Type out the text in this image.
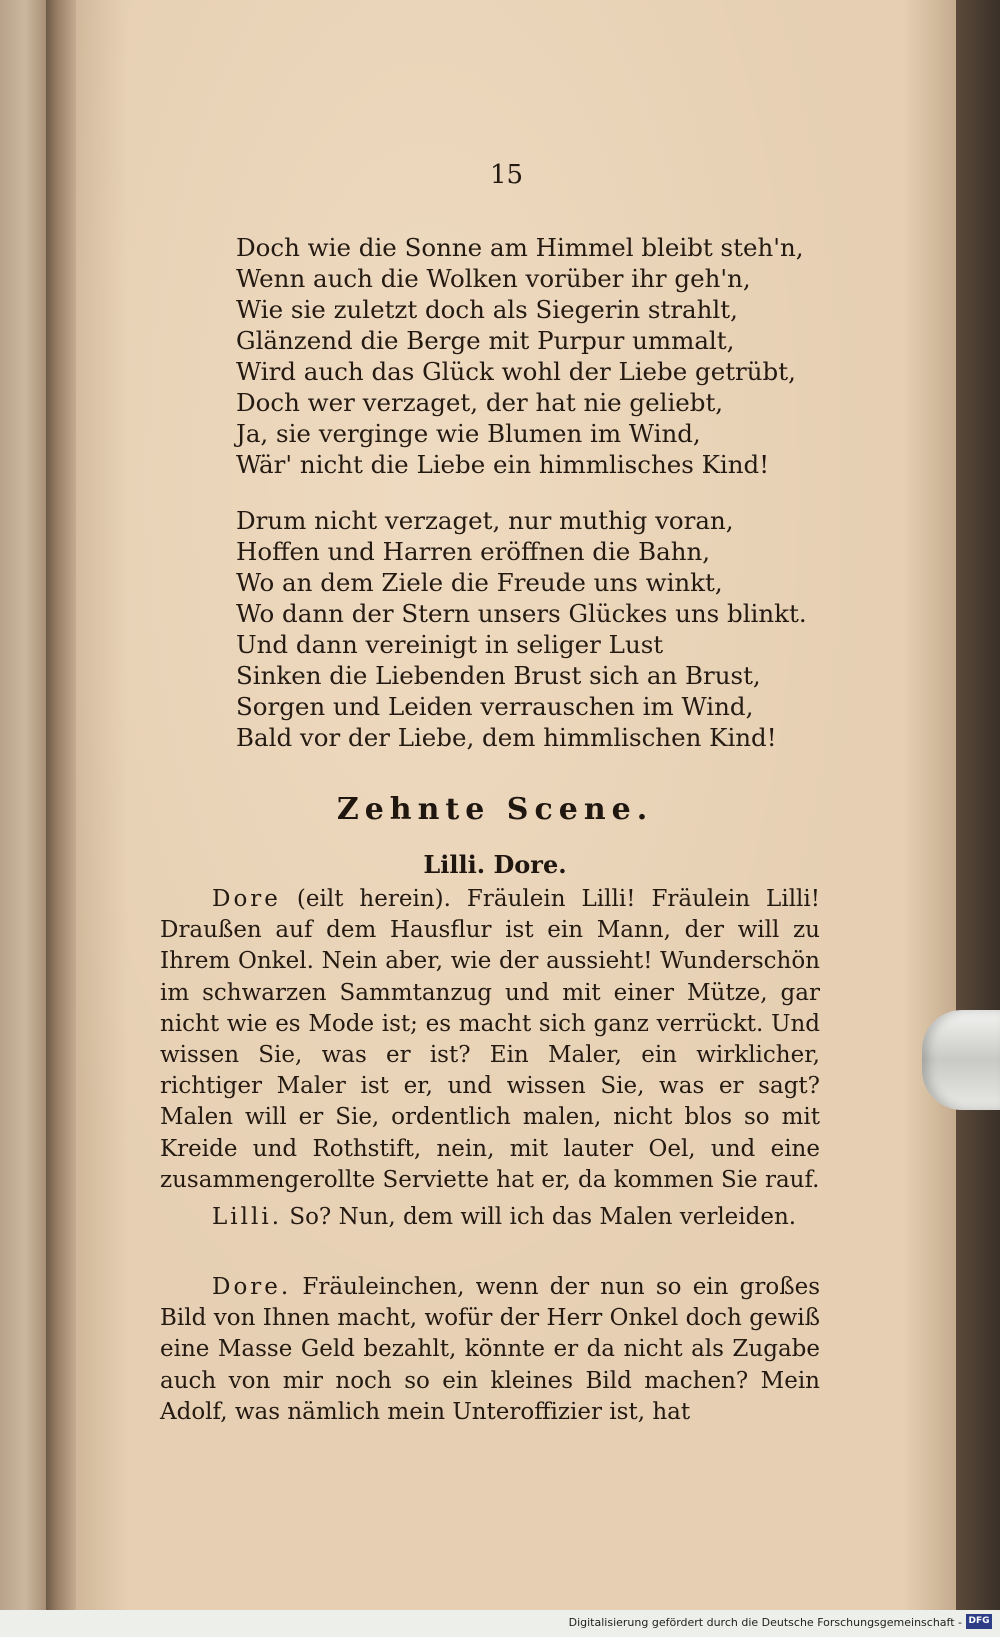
15
Doch wie die Sonne am Himmel bleibt steh'n,
Wenn auch die Wolken vorüber ihr geh'n,
Wie sie zuletzt doch als Siegerin strahlt,
Glänzend die Berge mit Purpur ummalt,
Wird auch das Glück wohl der Liebe getrübt,
Doch wer verzaget, der hat nie geliebt,
Ja, sie verginge wie Blumen im Wind,
Wär' nicht die Liebe ein himmlisches Kind!
Drum nicht verzaget, nur muthig voran,
Hoffen und Harren eröffnen die Bahn,
Wo an dem Ziele die Freude uns winkt,
Wo dann der Stern unsers Glückes uns blinkt.
Und dann vereinigt in seliger Lust
Sinken die Liebenden Brust sich an Brust,
Sorgen und Leiden verrauschen im Wind,
Bald vor der Liebe, dem himmlischen Kind!
Zehnte Scene.
Lilli. Dore.

Dore (eilt herein). Fräulein Lilli! Fräulein Lilli! Draußen auf dem Hausflur ist ein Mann, der will zu Ihrem Onkel. Nein aber, wie der aussieht! Wunderschön im schwarzen Sammtanzug und mit einer Mütze, gar nicht wie es Mode ist; es macht sich ganz verrückt. Und wissen Sie, was er ist? Ein Maler, ein wirklicher, richtiger Maler ist er, und wissen Sie, was er sagt? Malen will er Sie, ordentlich malen, nicht blos so mit Kreide und Rothstift, nein, mit lauter Oel, und eine zusammengerollte Serviette hat er, da kommen Sie rauf.

Lilli. So? Nun, dem will ich das Malen verleiden.

Dore. Fräuleinchen, wenn der nun so ein großes Bild von Ihnen macht, wofür der Herr Onkel doch gewiß eine Masse Geld bezahlt, könnte er da nicht als Zugabe auch von mir noch so ein kleines Bild machen? Mein Adolf, was nämlich mein Unteroffizier ist, hat

Digitalisierung gefördert durch die Deutsche Forschungsgemeinschaft - DFG
